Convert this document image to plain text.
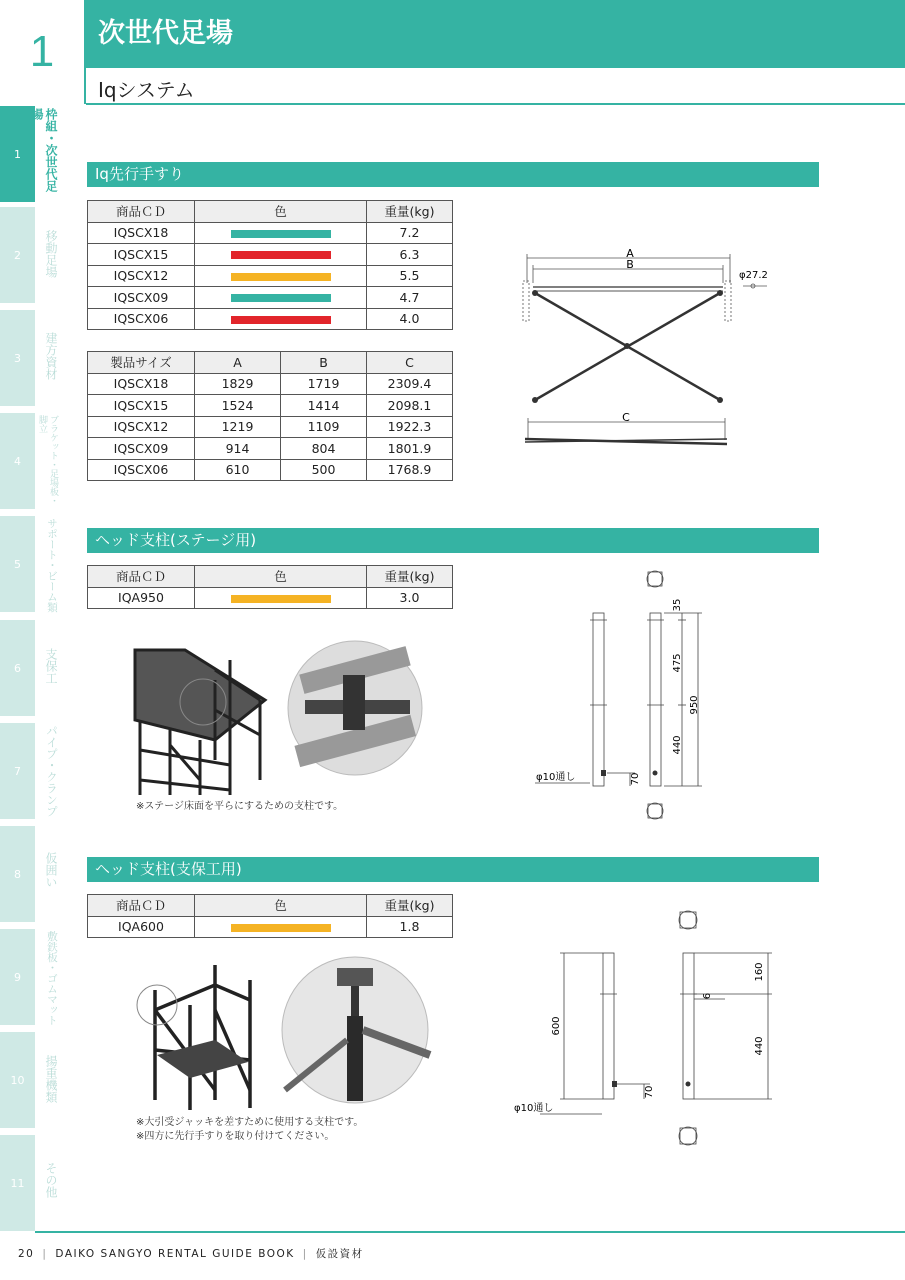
1	次世代足場
Iqシステム
1	枠組・次世代足場
2	移動足場
3	建方資材
4	ブラケット・足場板・脚立
5	サポート・ビーム類
6	支保工
7	パイプ・クランプ
8	仮囲い
9	敷鉄板・ゴムマット
10	揚重機類
11	その他
Iq先行手すり
商品ＣＤ	色	重量(kg)
IQSCX18		7.2
IQSCX15		6.3
IQSCX12		5.5
IQSCX09		4.7
IQSCX06		4.0
製品サイズ	A	B	C
IQSCX18	1829	1719	2309.4
IQSCX15	1524	1414	2098.1
IQSCX12	1219	1109	1922.3
IQSCX09	914	804	1801.9
IQSCX06	610	500	1768.9
A
B
C
φ27.2
ヘッド支柱(ステージ用)
商品ＣＤ	色	重量(kg)
IQA950		3.0
※ステージ床面を平らにするための支柱です。
35
475
950
440
70
φ10通し
ヘッド支柱(支保工用)
商品ＣＤ	色	重量(kg)
IQA600		1.8
※大引受ジャッキを差すために使用する支柱です。
※四方に先行手すりを取り付けてください。
160
6
600
440
70
φ10通し
20 | DAIKO SANGYO RENTAL GUIDE BOOK | 仮設資材
